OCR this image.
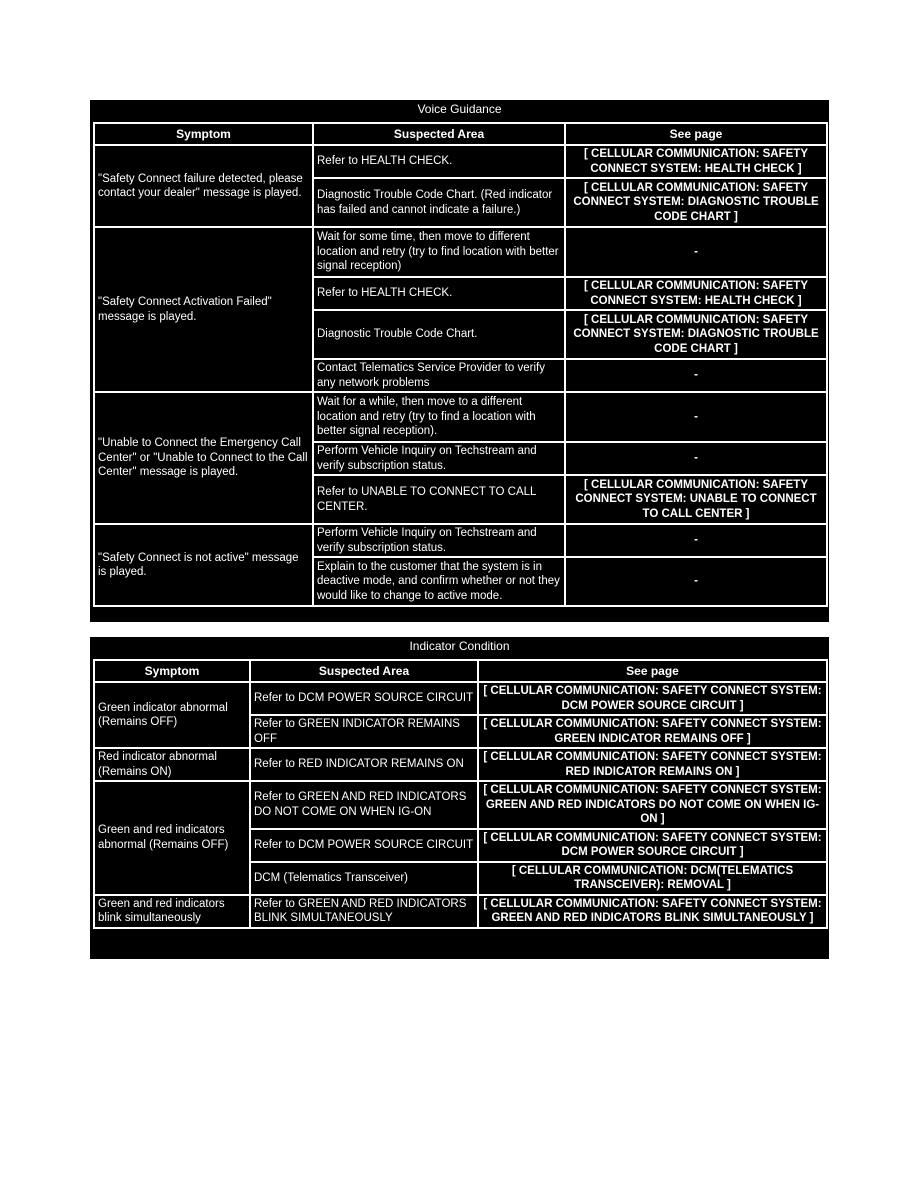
Voice Guidance
Symptom	Suspected Area	See page
"Safety Connect failure detected, please contact your dealer" message is played.	Refer to HEALTH CHECK.	[ CELLULAR COMMUNICATION: SAFETY CONNECT SYSTEM: HEALTH CHECK ]
	Diagnostic Trouble Code Chart. (Red indicator has failed and cannot indicate a failure.)	[ CELLULAR COMMUNICATION: SAFETY CONNECT SYSTEM: DIAGNOSTIC TROUBLE CODE CHART ]
"Safety Connect Activation Failed" message is played.	Wait for some time, then move to different location and retry (try to find location with better signal reception)	-
	Refer to HEALTH CHECK.	[ CELLULAR COMMUNICATION: SAFETY CONNECT SYSTEM: HEALTH CHECK ]
	Diagnostic Trouble Code Chart.	[ CELLULAR COMMUNICATION: SAFETY CONNECT SYSTEM: DIAGNOSTIC TROUBLE CODE CHART ]
	Contact Telematics Service Provider to verify any network problems	-
"Unable to Connect the Emergency Call Center" or "Unable to Connect to the Call Center" message is played.	Wait for a while, then move to a different location and retry (try to find a location with better signal reception).	-
	Perform Vehicle Inquiry on Techstream and verify subscription status.	-
	Refer to UNABLE TO CONNECT TO CALL CENTER.	[ CELLULAR COMMUNICATION: SAFETY CONNECT SYSTEM: UNABLE TO CONNECT TO CALL CENTER ]
"Safety Connect is not active" message is played.	Perform Vehicle Inquiry on Techstream and verify subscription status.	-
	Explain to the customer that the system is in deactive mode, and confirm whether or not they would like to change to active mode.	-
Indicator Condition
Symptom	Suspected Area	See page
Green indicator abnormal (Remains OFF)	Refer to DCM POWER SOURCE CIRCUIT	[ CELLULAR COMMUNICATION: SAFETY CONNECT SYSTEM: DCM POWER SOURCE CIRCUIT ]
	Refer to GREEN INDICATOR REMAINS OFF	[ CELLULAR COMMUNICATION: SAFETY CONNECT SYSTEM: GREEN INDICATOR REMAINS OFF ]
Red indicator abnormal (Remains ON)	Refer to RED INDICATOR REMAINS ON	[ CELLULAR COMMUNICATION: SAFETY CONNECT SYSTEM: RED INDICATOR REMAINS ON ]
Green and red indicators abnormal (Remains OFF)	Refer to GREEN AND RED INDICATORS DO NOT COME ON WHEN IG-ON	[ CELLULAR COMMUNICATION: SAFETY CONNECT SYSTEM: GREEN AND RED INDICATORS DO NOT COME ON WHEN IG-ON ]
	Refer to DCM POWER SOURCE CIRCUIT	[ CELLULAR COMMUNICATION: SAFETY CONNECT SYSTEM: DCM POWER SOURCE CIRCUIT ]
	DCM (Telematics Transceiver)	[ CELLULAR COMMUNICATION: DCM(TELEMATICS TRANSCEIVER): REMOVAL ]
Green and red indicators blink simultaneously	Refer to GREEN AND RED INDICATORS BLINK SIMULTANEOUSLY	[ CELLULAR COMMUNICATION: SAFETY CONNECT SYSTEM: GREEN AND RED INDICATORS BLINK SIMULTANEOUSLY ]
